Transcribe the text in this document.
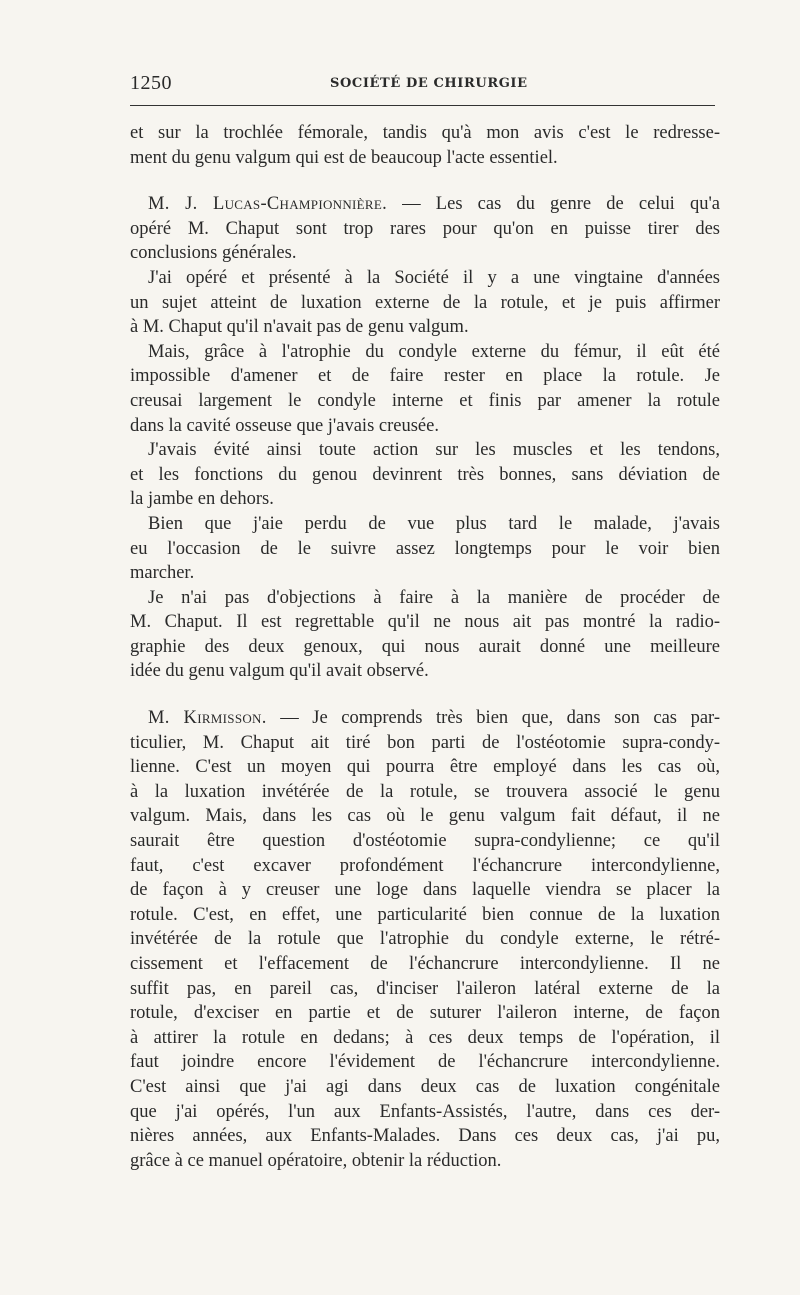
1250	SOCIÉTÉ DE CHIRURGIE
et sur la trochlée fémorale, tandis qu'à mon avis c'est le redresse-
ment du genu valgum qui est de beaucoup l'acte essentiel.
M. J. Lucas-Championnière. — Les cas du genre de celui qu'a
opéré M. Chaput sont trop rares pour qu'on en puisse tirer des
conclusions générales.
J'ai opéré et présenté à la Société il y a une vingtaine d'années
un sujet atteint de luxation externe de la rotule, et je puis affirmer
à M. Chaput qu'il n'avait pas de genu valgum.
Mais, grâce à l'atrophie du condyle externe du fémur, il eût été
impossible d'amener et de faire rester en place la rotule. Je
creusai largement le condyle interne et finis par amener la rotule
dans la cavité osseuse que j'avais creusée.
J'avais évité ainsi toute action sur les muscles et les tendons,
et les fonctions du genou devinrent très bonnes, sans déviation de
la jambe en dehors.
Bien que j'aie perdu de vue plus tard le malade, j'avais
eu l'occasion de le suivre assez longtemps pour le voir bien
marcher.
Je n'ai pas d'objections à faire à la manière de procéder de
M. Chaput. Il est regrettable qu'il ne nous ait pas montré la radio-
graphie des deux genoux, qui nous aurait donné une meilleure
idée du genu valgum qu'il avait observé.
M. Kirmisson. — Je comprends très bien que, dans son cas par-
ticulier, M. Chaput ait tiré bon parti de l'ostéotomie supra-condy-
lienne. C'est un moyen qui pourra être employé dans les cas où,
à la luxation invétérée de la rotule, se trouvera associé le genu
valgum. Mais, dans les cas où le genu valgum fait défaut, il ne
saurait être question d'ostéotomie supra-condylienne; ce qu'il
faut, c'est excaver profondément l'échancrure intercondylienne,
de façon à y creuser une loge dans laquelle viendra se placer la
rotule. C'est, en effet, une particularité bien connue de la luxation
invétérée de la rotule que l'atrophie du condyle externe, le rétré-
cissement et l'effacement de l'échancrure intercondylienne. Il ne
suffit pas, en pareil cas, d'inciser l'aileron latéral externe de la
rotule, d'exciser en partie et de suturer l'aileron interne, de façon
à attirer la rotule en dedans; à ces deux temps de l'opération, il
faut joindre encore l'évidement de l'échancrure intercondylienne.
C'est ainsi que j'ai agi dans deux cas de luxation congénitale
que j'ai opérés, l'un aux Enfants-Assistés, l'autre, dans ces der-
nières années, aux Enfants-Malades. Dans ces deux cas, j'ai pu,
grâce à ce manuel opératoire, obtenir la réduction.
